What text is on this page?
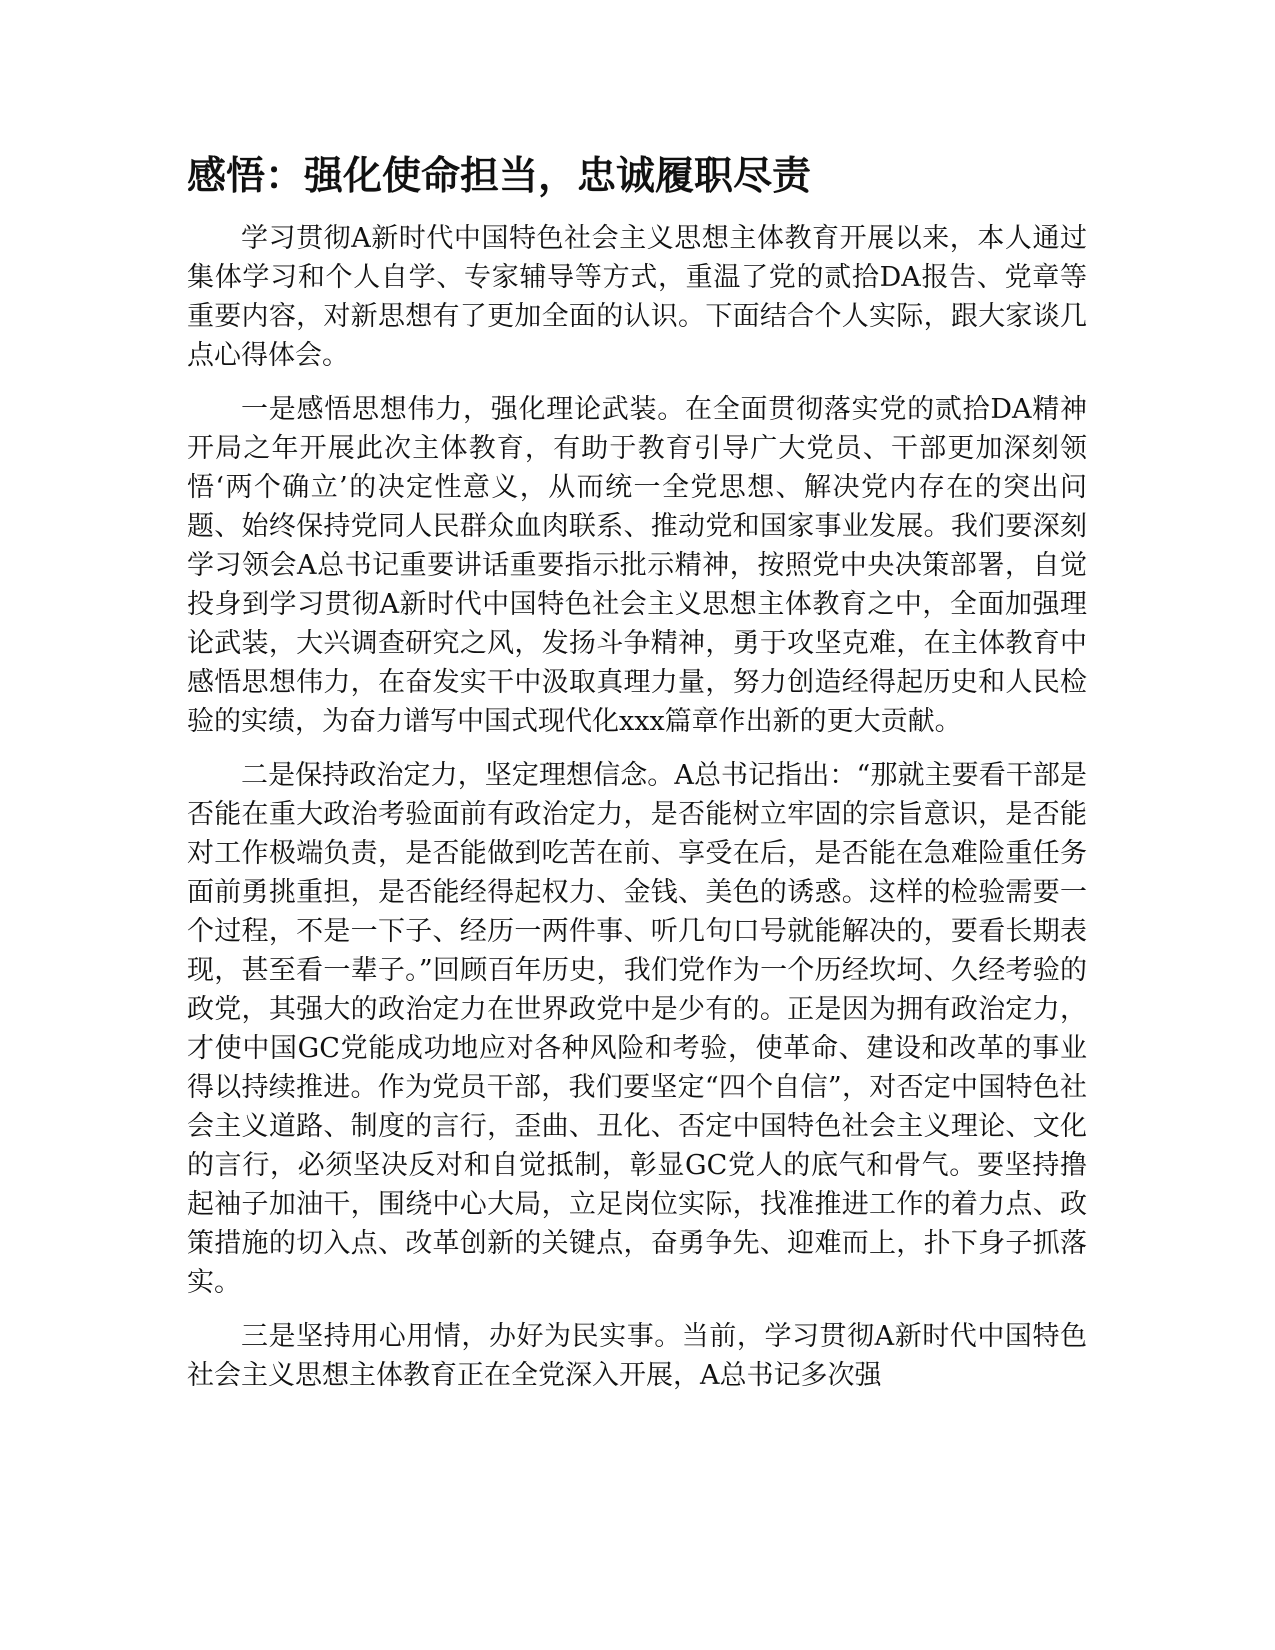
感悟：强化使命担当，忠诚履职尽责

学习贯彻A新时代中国特色社会主义思想主体教育开展以来，本人通过集体学习和个人自学、专家辅导等方式，重温了党的贰拾DA报告、党章等重要内容，对新思想有了更加全面的认识。下面结合个人实际，跟大家谈几点心得体会。

一是感悟思想伟力，强化理论武装。在全面贯彻落实党的贰拾DA精神开局之年开展此次主体教育，有助于教育引导广大党员、干部更加深刻领悟‘两个确立’的决定性意义，从而统一全党思想、解决党内存在的突出问题、始终保持党同人民群众血肉联系、推动党和国家事业发展。我们要深刻学习领会A总书记重要讲话重要指示批示精神，按照党中央决策部署，自觉投身到学习贯彻A新时代中国特色社会主义思想主体教育之中，全面加强理论武装，大兴调查研究之风，发扬斗争精神，勇于攻坚克难，在主体教育中感悟思想伟力，在奋发实干中汲取真理力量，努力创造经得起历史和人民检验的实绩，为奋力谱写中国式现代化xxx篇章作出新的更大贡献。

二是保持政治定力，坚定理想信念。A总书记指出：“那就主要看干部是否能在重大政治考验面前有政治定力，是否能树立牢固的宗旨意识，是否能对工作极端负责，是否能做到吃苦在前、享受在后，是否能在急难险重任务面前勇挑重担，是否能经得起权力、金钱、美色的诱惑。这样的检验需要一个过程，不是一下子、经历一两件事、听几句口号就能解决的，要看长期表现，甚至看一辈子。”回顾百年历史，我们党作为一个历经坎坷、久经考验的政党，其强大的政治定力在世界政党中是少有的。正是因为拥有政治定力，才使中国GC党能成功地应对各种风险和考验，使革命、建设和改革的事业得以持续推进。作为党员干部，我们要坚定“四个自信”，对否定中国特色社会主义道路、制度的言行，歪曲、丑化、否定中国特色社会主义理论、文化的言行，必须坚决反对和自觉抵制，彰显GC党人的底气和骨气。要坚持撸起袖子加油干，围绕中心大局，立足岗位实际，找准推进工作的着力点、政策措施的切入点、改革创新的关键点，奋勇争先、迎难而上，扑下身子抓落实。

三是坚持用心用情，办好为民实事。当前，学习贯彻A新时代中国特色社会主义思想主体教育正在全党深入开展，A总书记多次强
